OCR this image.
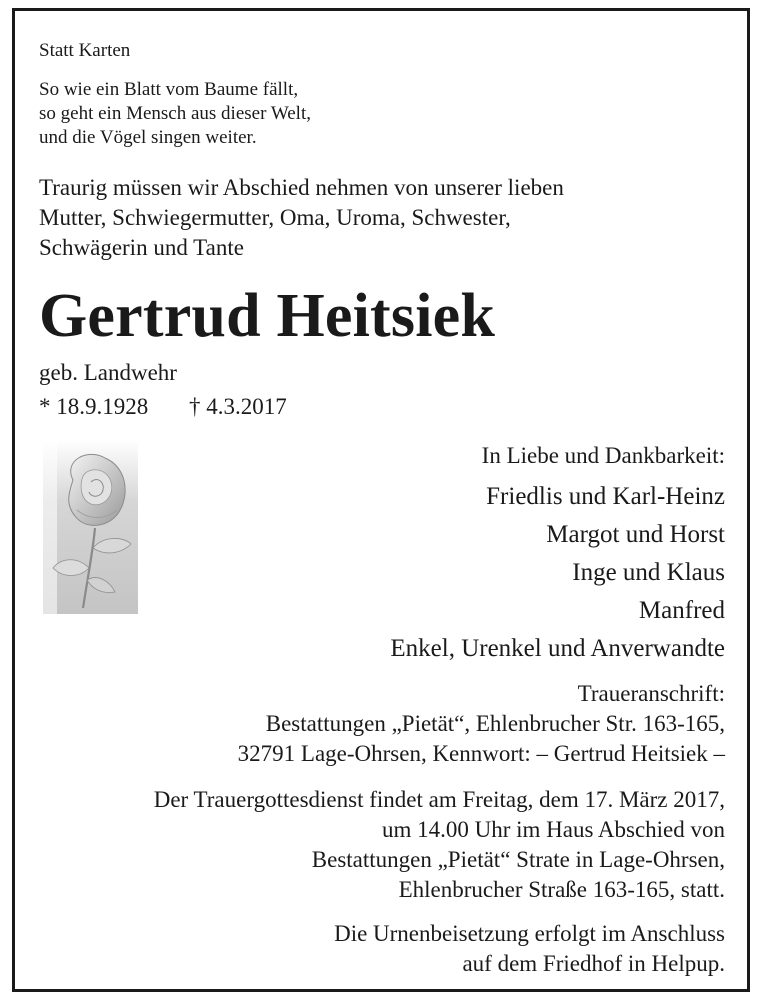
Statt Karten
So wie ein Blatt vom Baume fällt,
so geht ein Mensch aus dieser Welt,
und die Vögel singen weiter.
Traurig müssen wir Abschied nehmen von unserer lieben
Mutter, Schwiegermutter, Oma, Uroma, Schwester,
Schwägerin und Tante
Gertrud Heitsiek
geb. Landwehr
* 18.9.1928 † 4.3.2017
In Liebe und Dankbarkeit:
Friedlis und Karl-Heinz
Margot und Horst
Inge und Klaus
Manfred
Enkel, Urenkel und Anverwandte
Traueranschrift:
Bestattungen „Pietät“, Ehlenbrucher Str. 163-165,
32791 Lage-Ohrsen, Kennwort: – Gertrud Heitsiek –
Der Trauergottesdienst findet am Freitag, dem 17. März 2017,
um 14.00 Uhr im Haus Abschied von
Bestattungen „Pietät“ Strate in Lage-Ohrsen,
Ehlenbrucher Straße 163-165, statt.
Die Urnenbeisetzung erfolgt im Anschluss
auf dem Friedhof in Helpup.
